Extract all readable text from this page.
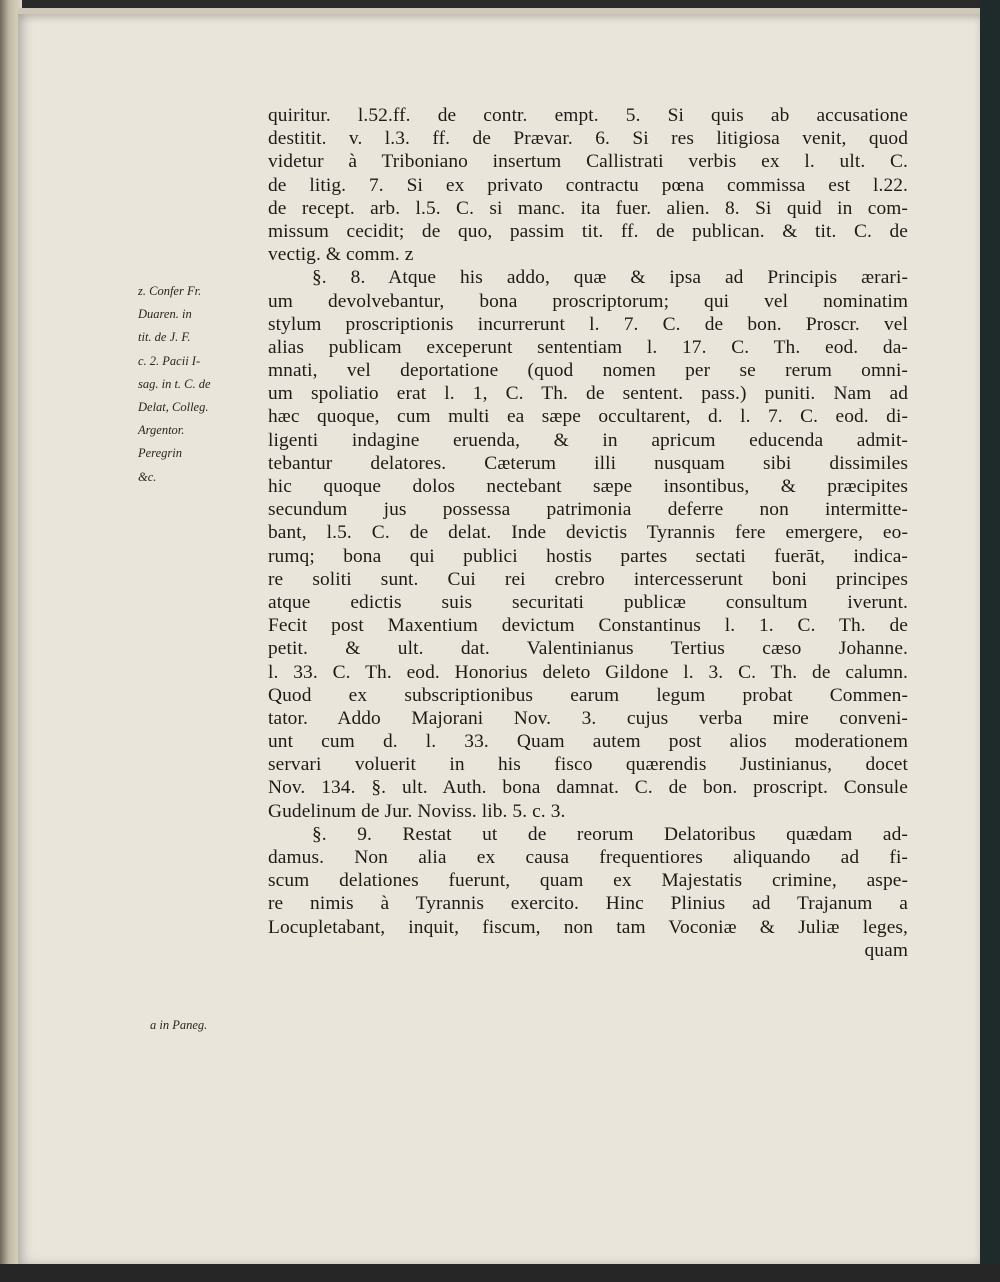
quiritur. l.52.ff. de contr. empt. 5. Si quis ab accusatione
destitit. v. l.3. ff. de Prævar. 6. Si res litigiosa venit, quod
videtur à Triboniano insertum Callistrati verbis ex l. ult. C.
de litig. 7. Si ex privato contractu pœna commissa est l.22.
de recept. arb. l.5. C. si manc. ita fuer. alien. 8. Si quid in com-
missum cecidit; de quo, passim tit. ff. de publican. & tit. C. de
vectig. & comm. z
§. 8. Atque his addo, quæ & ipsa ad Principis ærari-
um devolvebantur, bona proscriptorum; qui vel nominatim
stylum proscriptionis incurrerunt l. 7. C. de bon. Proscr. vel
alias publicam exceperunt sententiam l. 17. C. Th. eod. da-
mnati, vel deportatione (quod nomen per se rerum omni-
um spoliatio erat l. 1, C. Th. de sentent. pass.) puniti. Nam ad
hæc quoque, cum multi ea sæpe occultarent, d. l. 7. C. eod. di-
ligenti indagine eruenda, & in apricum educenda admit-
tebantur delatores. Cæterum illi nusquam sibi dissimiles
hic quoque dolos nectebant sæpe insontibus, & præcipites
secundum jus possessa patrimonia deferre non intermitte-
bant, l.5. C. de delat. Inde devictis Tyrannis fere emergere, eo-
rumq; bona qui publici hostis partes sectati fuerāt, indica-
re soliti sunt. Cui rei crebro intercesserunt boni principes
atque edictis suis securitati publicæ consultum iverunt.
Fecit post Maxentium devictum Constantinus l. 1. C. Th. de
petit. & ult. dat. Valentinianus Tertius cæso Johanne.
l. 33. C. Th. eod. Honorius deleto Gildone l. 3. C. Th. de calumn.
Quod ex subscriptionibus earum legum probat Commen-
tator. Addo Majorani Nov. 3. cujus verba mire conveni-
unt cum d. l. 33. Quam autem post alios moderationem
servari voluerit in his fisco quærendis Justinianus, docet
Nov. 134. §. ult. Auth. bona damnat. C. de bon. proscript. Consule
Gudelinum de Jur. Noviss. lib. 5. c. 3.
§. 9. Restat ut de reorum Delatoribus quædam ad-
damus. Non alia ex causa frequentiores aliquando ad fi-
scum delationes fuerunt, quam ex Majestatis crimine, aspe-
re nimis à Tyrannis exercito. Hinc Plinius ad Trajanum a
Locupletabant, inquit, fiscum, non tam Voconiæ & Juliæ leges,
quam
z. Confer Fr.
Duaren. in
tit. de J. F.
c. 2. Pacii I-
sag. in t. C. de
Delat, Colleg.
Argentor.
Peregrin
&c.
a in Paneg.
